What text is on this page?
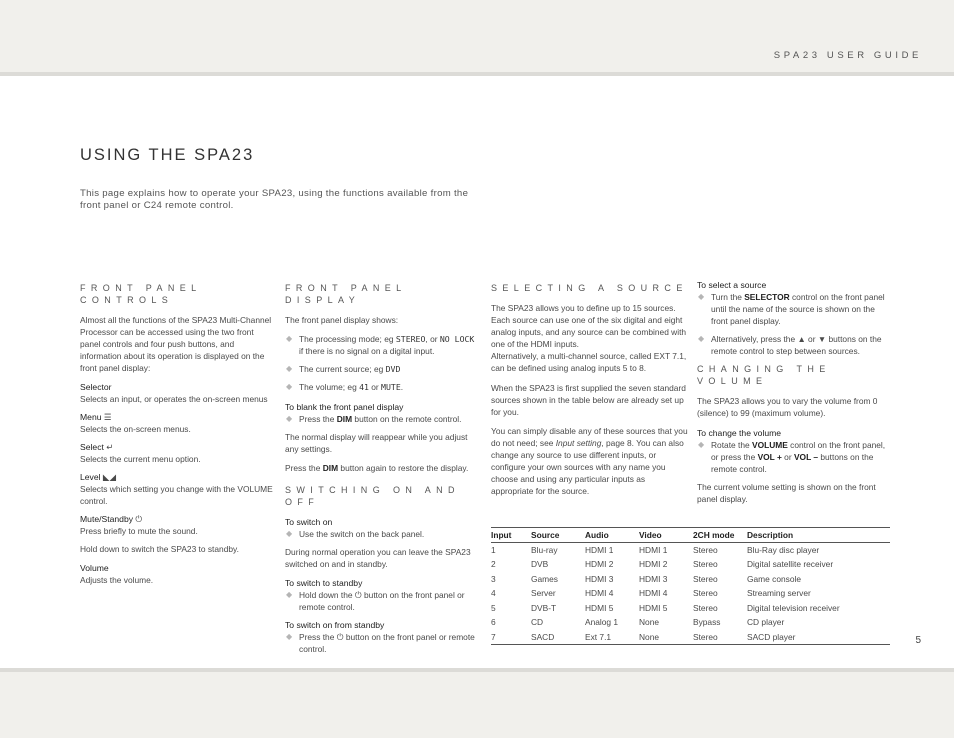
SPA23 USER GUIDE
5
USING THE SPA23
This page explains how to operate your SPA23, using the functions available from the front panel or C24 remote control.
FRONT PANEL CONTROLS

Almost all the functions of the SPA23 Multi-Channel Processor can be accessed using the two front panel controls and four push buttons, and information about its operation is displayed on the front panel display:

Selector
Selects an input, or operates the on-screen menus
Menu ☰
Selects the on-screen menus.
Select ↵
Selects the current menu option.
Level ◣◢
Selects which setting you change with the VOLUME control.
Mute/Standby ⏻
Press briefly to mute the sound.

Hold down to switch the SPA23 to standby.

Volume
Adjusts the volume.
FRONT PANEL DISPLAY

The front panel display shows:

◆ The processing mode; eg STEREO, or NO LOCK if there is no signal on a digital input.
◆ The current source; eg DVD
◆ The volume; eg 41 or MUTE.
To blank the front panel display
◆ Press the DIM button on the remote control.

The normal display will reappear while you adjust any settings.

Press the DIM button again to restore the display.

SWITCHING ON AND OFF
To switch on
◆ Use the switch on the back panel.

During normal operation you can leave the SPA23 switched on and in standby.

To switch to standby
◆ Hold down the ⏻ button on the front panel or remote control.
To switch on from standby
◆ Press the ⏻ button on the front panel or remote control.
SELECTING A SOURCE

The SPA23 allows you to define up to 15 sources. Each source can use one of the six digital and eight analog inputs, and any source can be combined with one of the HDMI inputs.
Alternatively, a multi-channel source, called EXT 7.1, can be defined using analog inputs 5 to 8.

When the SPA23 is first supplied the seven standard sources shown in the table below are already set up for you.

You can simply disable any of these sources that you do not need; see Input setting, page 8. You can also change any source to use different inputs, or configure your own sources with any name you choose and using any particular inputs as appropriate for the source.

To select a source
◆ Turn the SELECTOR control on the front panel until the name of the source is shown on the front panel display.
◆ Alternatively, press the ▲ or ▼ buttons on the remote control to step between sources.
CHANGING THE VOLUME

The SPA23 allows you to vary the volume from 0 (silence) to 99 (maximum volume).

To change the volume
◆ Rotate the VOLUME control on the front panel, or press the VOL + or VOL – buttons on the remote control.

The current volume setting is shown on the front panel display.

Input	Source	Audio	Video	2CH mode	Description
1	Blu-ray	HDMI 1	HDMI 1	Stereo	Blu-Ray disc player
2	DVB	HDMI 2	HDMI 2	Stereo	Digital satellite receiver
3	Games	HDMI 3	HDMI 3	Stereo	Game console
4	Server	HDMI 4	HDMI 4	Stereo	Streaming server
5	DVB-T	HDMI 5	HDMI 5	Stereo	Digital television receiver
6	CD	Analog 1	None	Bypass	CD player
7	SACD	Ext 7.1	None	Stereo	SACD player
